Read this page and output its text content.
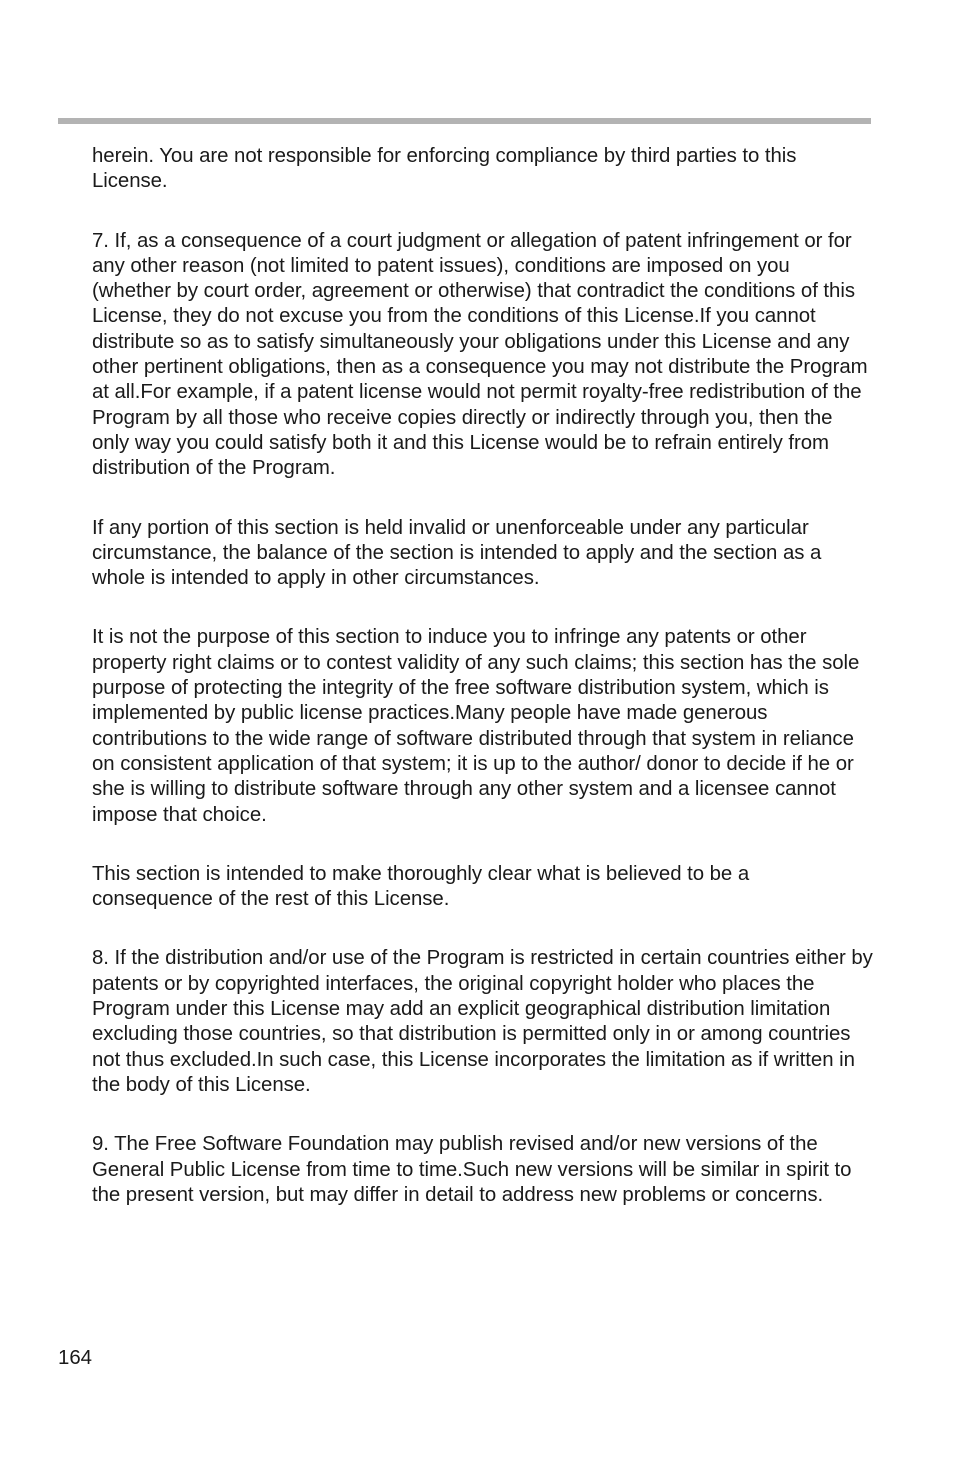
herein. You are not responsible for enforcing compliance by third parties to this License.

7. If, as a consequence of a court judgment or allegation of patent infringement or for any other reason (not limited to patent issues), conditions are imposed on you (whether by court order, agreement or otherwise) that contradict the conditions of this License, they do not excuse you from the conditions of this License.If you cannot distribute so as to satisfy simultaneously your obligations under this License and any other pertinent obligations, then as a consequence you may not distribute the Program at all.For example, if a patent license would not permit royalty-free redistribution of the Program by all those who receive copies directly or indirectly through you, then the only way you could satisfy both it and this License would be to refrain entirely from distribution of the Program.

If any portion of this section is held invalid or unenforceable under any particular circumstance, the balance of the section is intended to apply and the section as a whole is intended to apply in other circumstances.

It is not the purpose of this section to induce you to infringe any patents or other property right claims or to contest validity of any such claims; this section has the sole purpose of protecting the integrity of the free software distribution system, which is implemented by public license practices.Many people have made generous contributions to the wide range of software distributed through that system in reliance on consistent application of that system; it is up to the author/ donor to decide if he or she is willing to distribute software through any other system and a licensee cannot impose that choice.

This section is intended to make thoroughly clear what is believed to be a consequence of the rest of this License.

8. If the distribution and/or use of the Program is restricted in certain countries either by patents or by copyrighted interfaces, the original copyright holder who places the Program under this License may add an explicit geographical distribution limitation excluding those countries, so that distribution is permitted only in or among countries not thus excluded.In such case, this License incorporates the limitation as if written in the body of this License.

9. The Free Software Foundation may publish revised and/or new versions of the General Public License from time to time.Such new versions will be similar in spirit to the present version, but may differ in detail to address new problems or concerns.

164
